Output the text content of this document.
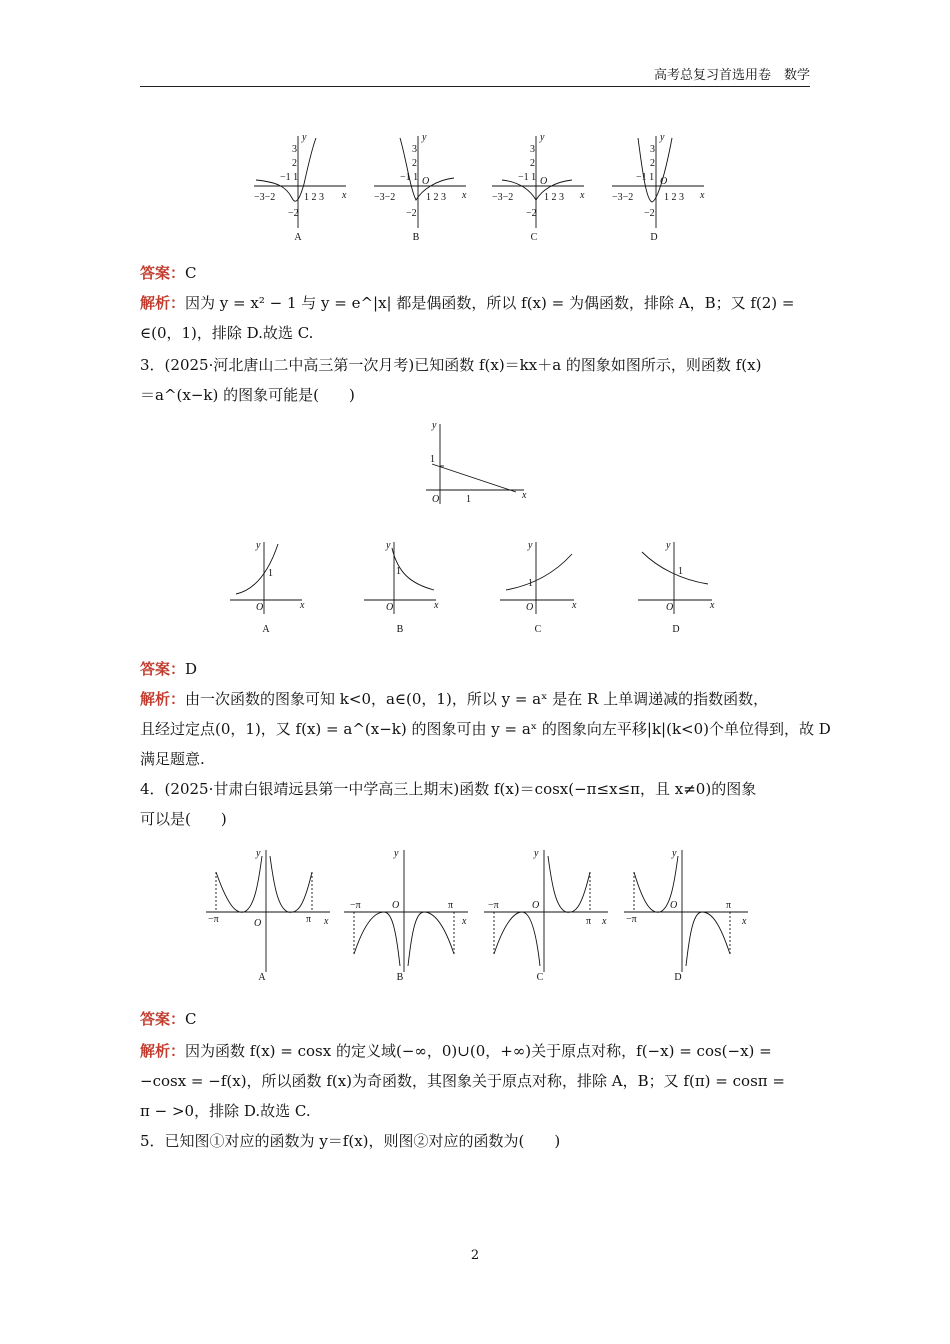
高考总复习首选用卷　数学
3
2
−1 1
−3−2	1 2 3 x
y
−2
3
2
−1 1
−3−2	1 2 3 x
y
−2
O
3
2
−1 1
−3−2	1 2 3 x
y
−2
O
3
2
−1 1
−3−2	1 2 3 x
y
−2
O
A	B	C	D
答案：C
解析：因为 y = x² − 1 与 y = e^|x| 都是偶函数，所以 f(x) = 为偶函数，排除 A，B；又 f(2) =
∈(0，1)，排除 D.故选 C.
3．(2025·河北唐山二中高三第一次月考)已知函数 f(x)＝kx＋a 的图象如图所示，则函数 f(x)
＝a^(x−k) 的图象可能是(　　)
y
1
O	1	x
y
1
O	x
y
1
O	x
y
1
O	x
y
1
O	x
A	B	C	D
答案：D
解析：由一次函数的图象可知 k<0，a∈(0，1)，所以 y = aˣ 是在 R 上单调递减的指数函数，
且经过定点(0，1)，又 f(x) = a^(x−k) 的图象可由 y = aˣ 的图象向左平移|k|(k<0)个单位得到，故 D
满足题意.
4．(2025·甘肃白银靖远县第一中学高三上期末)函数 f(x)＝cosx(−π≤x≤π，且 x≠0)的图象
可以是(　　)
y
−π	O	π x
y
−π	O	π
x
y
−π	O
π x
y
−π
O	π
x
A	B	C	D
答案：C
解析：因为函数 f(x) = cosx 的定义域(−∞，0)∪(0，+∞)关于原点对称，f(−x) = cos(−x) =
−cosx = −f(x)，所以函数 f(x)为奇函数，其图象关于原点对称，排除 A，B；又 f(π) = cosπ =
π − >0，排除 D.故选 C.
5．已知图①对应的函数为 y＝f(x)，则图②对应的函数为(　　)
2
